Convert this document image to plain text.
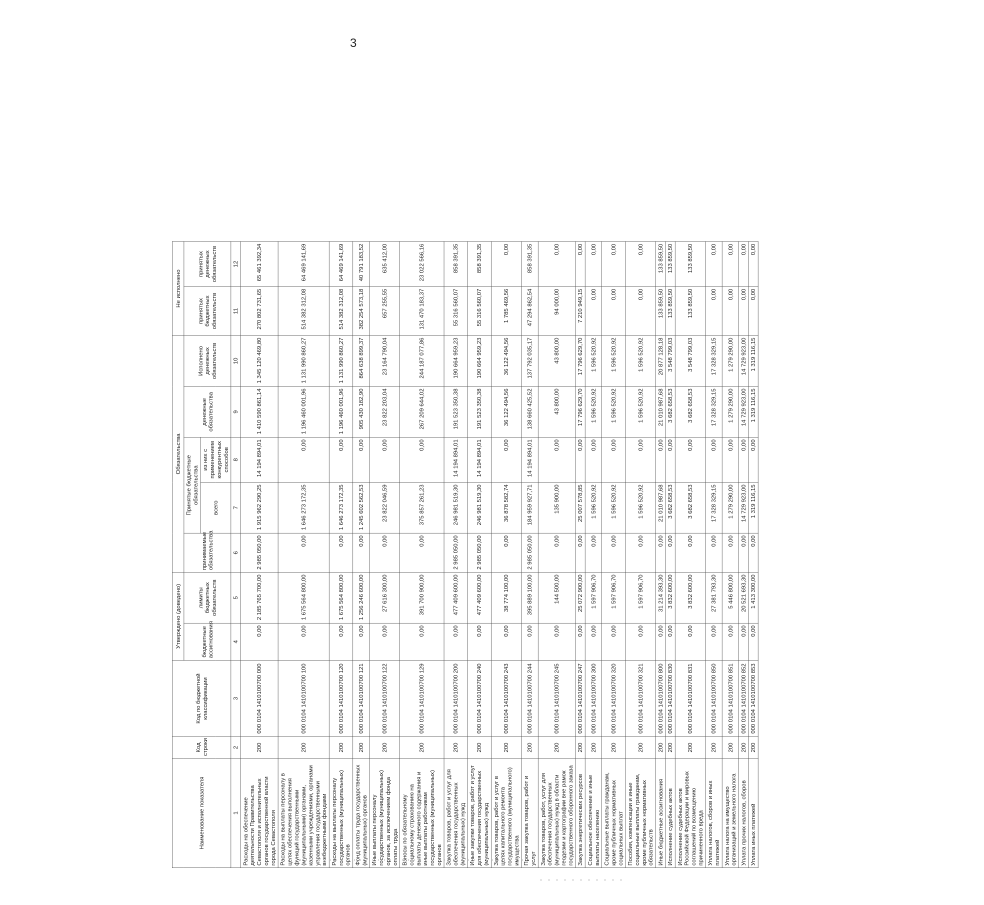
3
Наименование показателя	Код строки	Код по бюджетной классификации	Утверждено (доведено)		Обязательства					Не исполнено	
			бюджетные ассигнования	лимиты бюджетных обязательств	принимаемые обязательства	Принятые бюджетные обязательства		денежные обязательства	Исполнено денежных обязательств	принятых бюджетных обязательств	принятых денежных обязательств
						всего	из них с применением конкурентных способов				

1	2	3	4	5	6	7	8	9	10	11	12
Расходы на обеспечение деятельности Правительства Севастополя и исполнительных органов государственной власти города Севастополя	200	000 0104 1410100700 000	0,00	2 185 765 700,00	2 985 050,00	1 915 962 290,25	14 194 894,01	1 410 590 861,14	1 345 120 469,80	270 802 731,65	65 461 392,34
Расходы на выплаты персоналу в целях обеспечения выполнения функций государственными (муниципальными) органами, казенными учреждениями, органами управления государственными внебюджетными фондами	200	000 0104 1410100700 100	0,00	1 675 564 800,00	0,00	1 646 273 172,35	0,00	1 196 460 001,96	1 131 990 860,27	514 382 312,08	64 469 141,69
Расходы на выплаты персоналу государственных (муниципальных) органов	200	000 0104 1410100700 120	0,00	1 675 564 800,00	0,00	1 646 273 172,35	0,00	1 196 460 001,96	1 131 990 860,27	514 382 312,08	64 469 141,69
Фонд оплаты труда государственных (муниципальных) органов	200	000 0104 1410100700 121	0,00	1 256 246 600,00	0,00	1 245 602 562,53	0,00	905 430 182,90	864 638 899,37	382 254 573,18	40 791 183,52
Иные выплаты персоналу государственных (муниципальных) органов, за исключением фонда оплаты труда	200	000 0104 1410100700 122	0,00	27 616 300,00	0,00	23 822 046,59	0,00	23 822 203,04	23 164 790,04	657 255,55	635 412,00
Взносы по обязательному социальному страхованию на выплаты денежного содержания и иные выплаты работникам государственных (муниципальных) органов	200	000 0104 1410100700 129	0,00	391 700 900,00	0,00	375 857 261,23	0,00	267 209 644,02	244 187 077,86	131 470 183,37	23 022 566,16
Закупка товаров, работ и услуг для обеспечения государственных (муниципальных) нужд	200	000 0104 1410100700 200	0,00	477 409 600,00	2 985 050,00	246 981 519,30	14 194 894,01	191 523 350,38	190 664 959,23	55 316 560,07	858 391,35
Иные закупки товаров, работ и услуг для обеспечения государственных (муниципальных) нужд	200	000 0104 1410100700 240	0,00	477 409 600,00	2 985 050,00	246 981 519,30	14 194 894,01	191 523 350,38	190 664 959,23	55 316 560,07	858 391,35
Закупка товаров, работ и услуг в целях капитального ремонта государственного (муниципального) имущества	200	000 0104 1410100700 243	0,00	38 774 100,00	0,00	36 878 582,74	0,00	36 122 494,56	36 122 494,56	1 785 469,56	0,00
Прочая закупка товаров, работ и услуг	200	000 0104 1410100700 244	0,00	395 889 100,00	2 985 050,00	184 959 927,71	14 194 894,01	138 660 425,52	137 792 035,17	47 294 862,54	858 391,35
Закупка товаров, работ, услуг для обеспечения государственных (муниципальных) нужд в области геодезии и картографии вне рамок государственного оборонного заказа	200	000 0104 1410100700 245	0,00	144 500,00	0,00	135 900,00	0,00	43 800,00	43 800,00	94 000,00	0,00
Закупка энергетических ресурсов	200	000 0104 1410100700 247	0,00	25 072 900,00	0,00	25 007 578,85	0,00	17 796 629,70	17 796 629,70	7 210 949,15	0,00
Социальное обеспечение и иные выплаты населению	200	000 0104 1410100700 300	0,00	1 597 906,70	0,00	1 596 520,92	0,00	1 596 520,92	1 596 520,92	0,00	0,00
Социальные выплаты гражданам, кроме публичных нормативных социальных выплат	200	000 0104 1410100700 320	0,00	1 597 906,70	0,00	1 596 520,92	0,00	1 596 520,92	1 596 520,92	0,00	0,00
Пособия, компенсации и иные социальные выплаты гражданам, кроме публичных нормативных обязательств	200	000 0104 1410100700 321	0,00	1 597 906,70	0,00	1 596 520,92	0,00	1 596 520,92	1 596 520,92	0,00	0,00
Иные бюджетные ассигнования	200	000 0104 1410100700 800	0,00	31 214 393,30	0,00	21 010 987,68	0,00	21 010 987,68	20 877 128,18	133 859,50	133 859,50
Исполнение судебных актов	200	000 0104 1410100700 830	0,00	3 832 600,00	0,00	3 682 658,53	0,00	3 682 658,53	3 548 799,03	133 859,50	133 859,50
Исполнение судебных актов Российской Федерации и мировых соглашений по возмещению причиненного вреда	200	000 0104 1410100700 831	0,00	3 832 600,00	0,00	3 682 658,53	0,00	3 682 658,53	3 548 799,03	133 859,50	133 859,50
Уплата налогов, сборов и иных платежей	200	000 0104 1410100700 850	0,00	27 381 793,30	0,00	17 328 329,15	0,00	17 328 329,15	17 328 329,15	0,00	0,00
Уплата налога на имущество организаций и земельного налога	200	000 0104 1410100700 851	0,00	5 446 800,00	0,00	1 279 290,00	0,00	1 279 290,00	1 279 290,00	0,00	0,00
Уплата прочих налогов, сборов	200	000 0104 1410100700 852	0,00	20 521 693,30	0,00	14 729 923,00	0,00	14 729 923,00	14 729 923,00	0,00	0,00
Уплата иных платежей	200	000 0104 1410100700 853	0,00	1 413 300,00	0,00	1 319 116,15	0,00	1 319 116,15	1 319 116,15	0,00	0,00
